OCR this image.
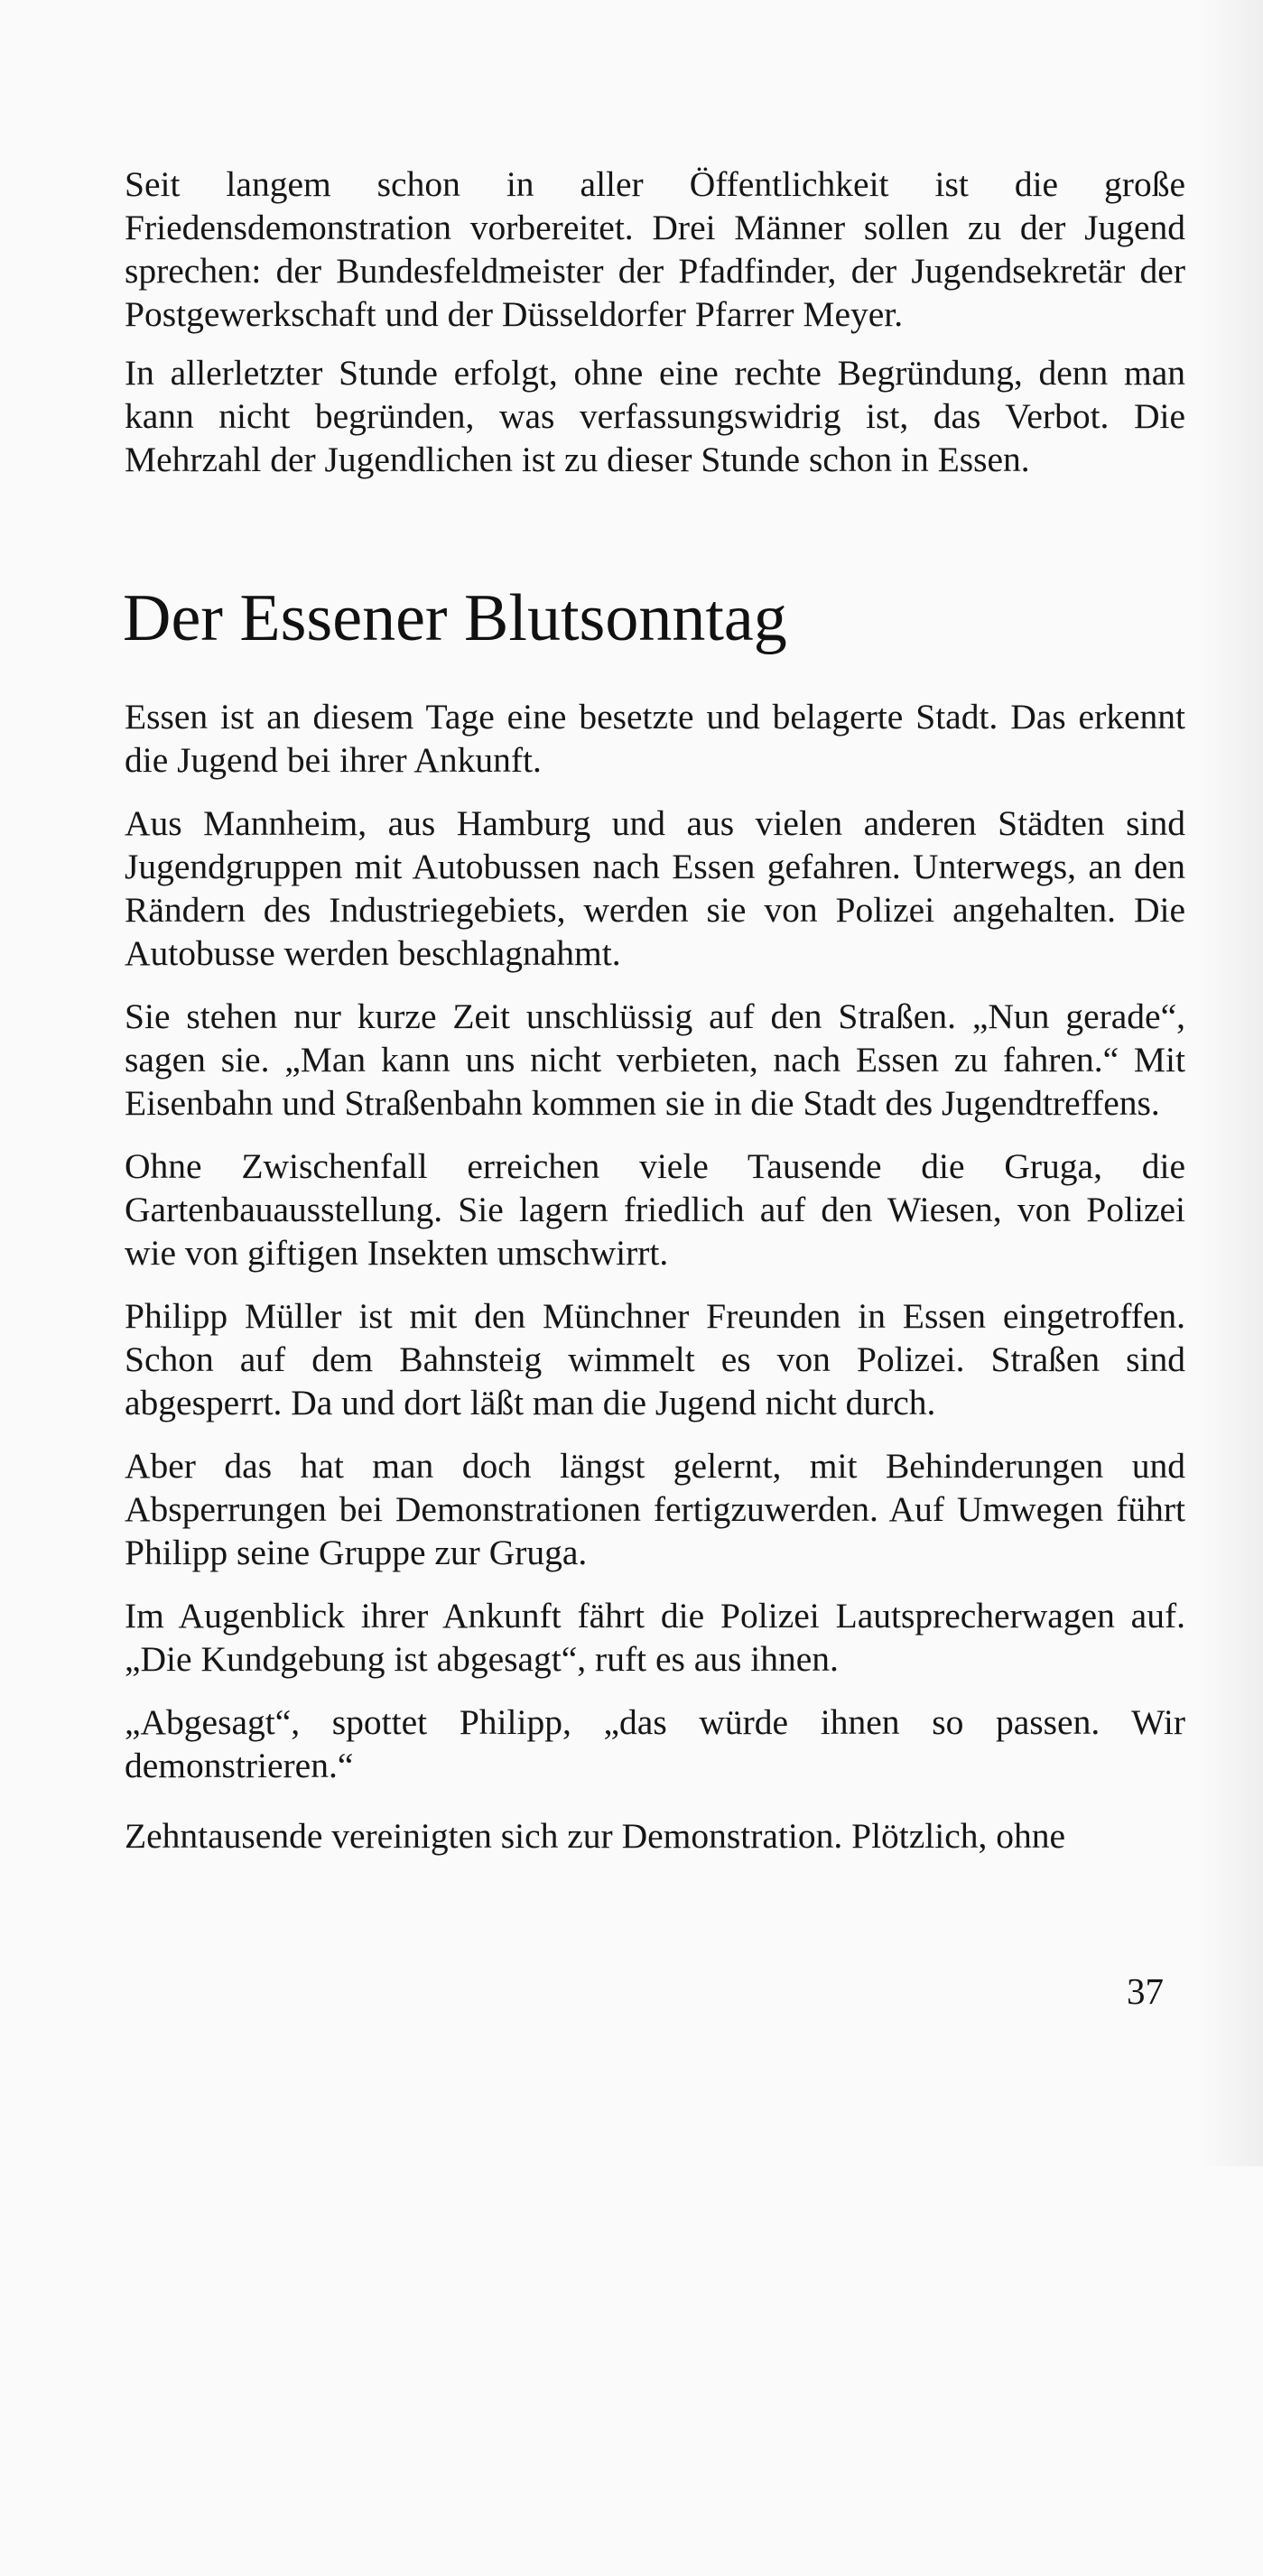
Seit langem schon in aller Öffentlichkeit ist die große Friedensdemonstration vorbereitet. Drei Männer sollen zu der Jugend sprechen: der Bundesfeldmeister der Pfadfinder, der Jugendsekretär der Postgewerkschaft und der Düsseldorfer Pfarrer Meyer.

In allerletzter Stunde erfolgt, ohne eine rechte Begründung, denn man kann nicht begründen, was verfassungswidrig ist, das Verbot. Die Mehrzahl der Jugendlichen ist zu dieser Stunde schon in Essen.

Der Essener Blutsonntag

Essen ist an diesem Tage eine besetzte und belagerte Stadt. Das erkennt die Jugend bei ihrer Ankunft.

Aus Mannheim, aus Hamburg und aus vielen anderen Städten sind Jugendgruppen mit Autobussen nach Essen gefahren. Unterwegs, an den Rändern des Industriegebiets, werden sie von Polizei angehalten. Die Autobusse werden beschlagnahmt.

Sie stehen nur kurze Zeit unschlüssig auf den Straßen. „Nun gerade“, sagen sie. „Man kann uns nicht verbieten, nach Essen zu fahren.“ Mit Eisenbahn und Straßenbahn kommen sie in die Stadt des Jugendtreffens.

Ohne Zwischenfall erreichen viele Tausende die Gruga, die Gartenbauausstellung. Sie lagern friedlich auf den Wiesen, von Polizei wie von giftigen Insekten umschwirrt.

Philipp Müller ist mit den Münchner Freunden in Essen eingetroffen. Schon auf dem Bahnsteig wimmelt es von Polizei. Straßen sind abgesperrt. Da und dort läßt man die Jugend nicht durch.

Aber das hat man doch längst gelernt, mit Behinderungen und Absperrungen bei Demonstrationen fertigzuwerden. Auf Umwegen führt Philipp seine Gruppe zur Gruga.

Im Augenblick ihrer Ankunft fährt die Polizei Lautsprecherwagen auf. „Die Kundgebung ist abgesagt“, ruft es aus ihnen.

„Abgesagt“, spottet Philipp, „das würde ihnen so passen. Wir demonstrieren.“

Zehntausende vereinigten sich zur Demonstration. Plötzlich, ohne

37
